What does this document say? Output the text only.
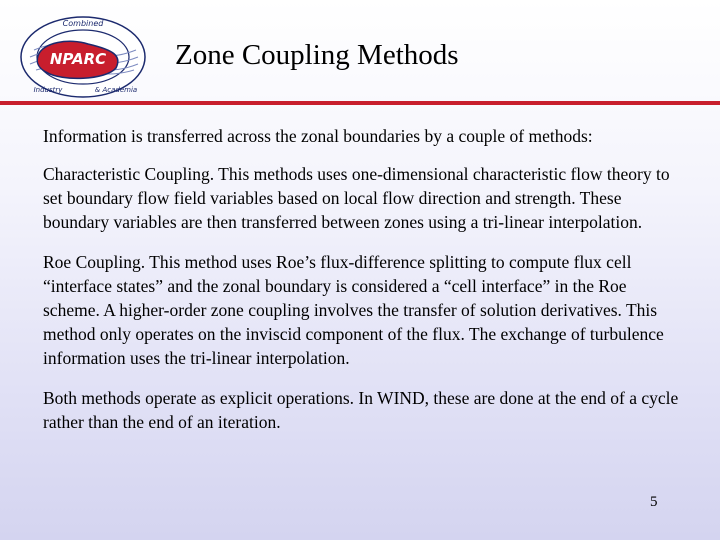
NPARC
Combined
Industry	& Academia
Zone Coupling Methods

Information is transferred across the zonal boundaries by a couple of methods:

Characteristic Coupling. This methods uses one-dimensional characteristic flow theory to set boundary flow field variables based on local flow direction and strength. These boundary variables are then transferred between zones using a tri-linear interpolation.

Roe Coupling. This method uses Roe’s flux-difference splitting to compute flux cell “interface states” and the zonal boundary is considered a “cell interface” in the Roe scheme. A higher-order zone coupling involves the transfer of solution derivatives. This method only operates on the inviscid component of the flux. The exchange of turbulence information uses the tri-linear interpolation.

Both methods operate as explicit operations. In WIND, these are done at the end of a cycle rather than the end of an iteration.

5
